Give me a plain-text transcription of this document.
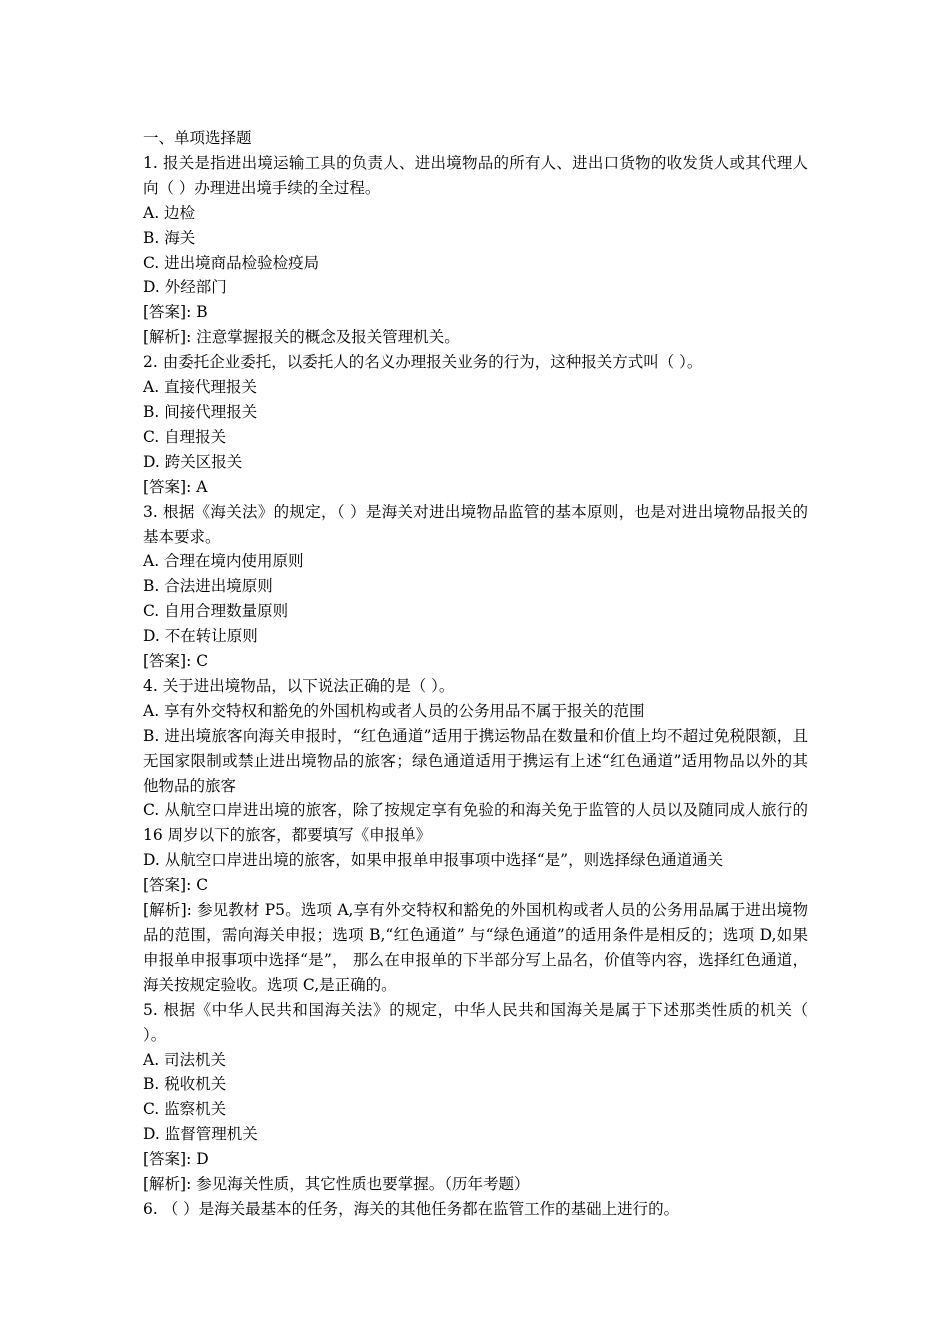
一、单项选择题
1. 报关是指进出境运输工具的负责人、进出境物品的所有人、进出口货物的收发货人或其代理人向（ ）办理进出境手续的全过程。
A. 边检
B. 海关
C. 进出境商品检验检疫局
D. 外经部门
[答案]: B
[解析]: 注意掌握报关的概念及报关管理机关。
2. 由委托企业委托，以委托人的名义办理报关业务的行为，这种报关方式叫（ ）。
A. 直接代理报关
B. 间接代理报关
C. 自理报关
D. 跨关区报关
[答案]: A
3. 根据《海关法》的规定，（ ）是海关对进出境物品监管的基本原则，也是对进出境物品报关的基本要求。
A. 合理在境内使用原则
B. 合法进出境原则
C. 自用合理数量原则
D. 不在转让原则
[答案]: C
4. 关于进出境物品，以下说法正确的是（ ）。
A. 享有外交特权和豁免的外国机构或者人员的公务用品不属于报关的范围
B. 进出境旅客向海关申报时，“红色通道”适用于携运物品在数量和价值上均不超过免税限额，且无国家限制或禁止进出境物品的旅客；绿色通道适用于携运有上述“红色通道”适用物品以外的其他物品的旅客
C. 从航空口岸进出境的旅客，除了按规定享有免验的和海关免于监管的人员以及随同成人旅行的 16 周岁以下的旅客，都要填写《申报单》
D. 从航空口岸进出境的旅客，如果申报单申报事项中选择“是”，则选择绿色通道通关
[答案]: C
[解析]: 参见教材 P5。选项 A,享有外交特权和豁免的外国机构或者人员的公务用品属于进出境物品的范围，需向海关申报；选项 B,“红色通道” 与“绿色通道”的适用条件是相反的；选项 D,如果申报单申报事项中选择“是”， 那么在申报单的下半部分写上品名，价值等内容，选择红色通道，海关按规定验收。选项 C,是正确的。
5. 根据《中华人民共和国海关法》的规定，中华人民共和国海关是属于下述那类性质的机关（ ）。
A. 司法机关
B. 税收机关
C. 监察机关
D. 监督管理机关
[答案]: D
[解析]: 参见海关性质，其它性质也要掌握。（历年考题）
6. （ ）是海关最基本的任务，海关的其他任务都在监管工作的基础上进行的。
